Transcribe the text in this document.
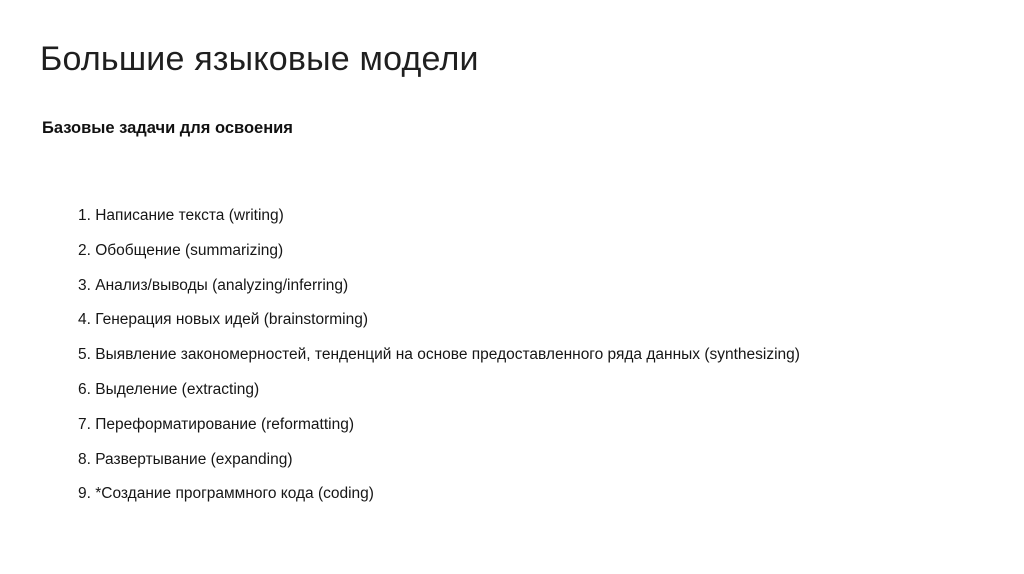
Большие языковые модели
Базовые задачи для освоения
1. Написание текста (writing)
2. Обобщение (summarizing)
3. Анализ/выводы (analyzing/inferring)
4. Генерация новых идей (brainstorming)
5. Выявление закономерностей, тенденций на основе предоставленного ряда данных (synthesizing)
6. Выделение (extracting)
7. Переформатирование (reformatting)
8. Развертывание (expanding)
9. *Создание программного кода (coding)
